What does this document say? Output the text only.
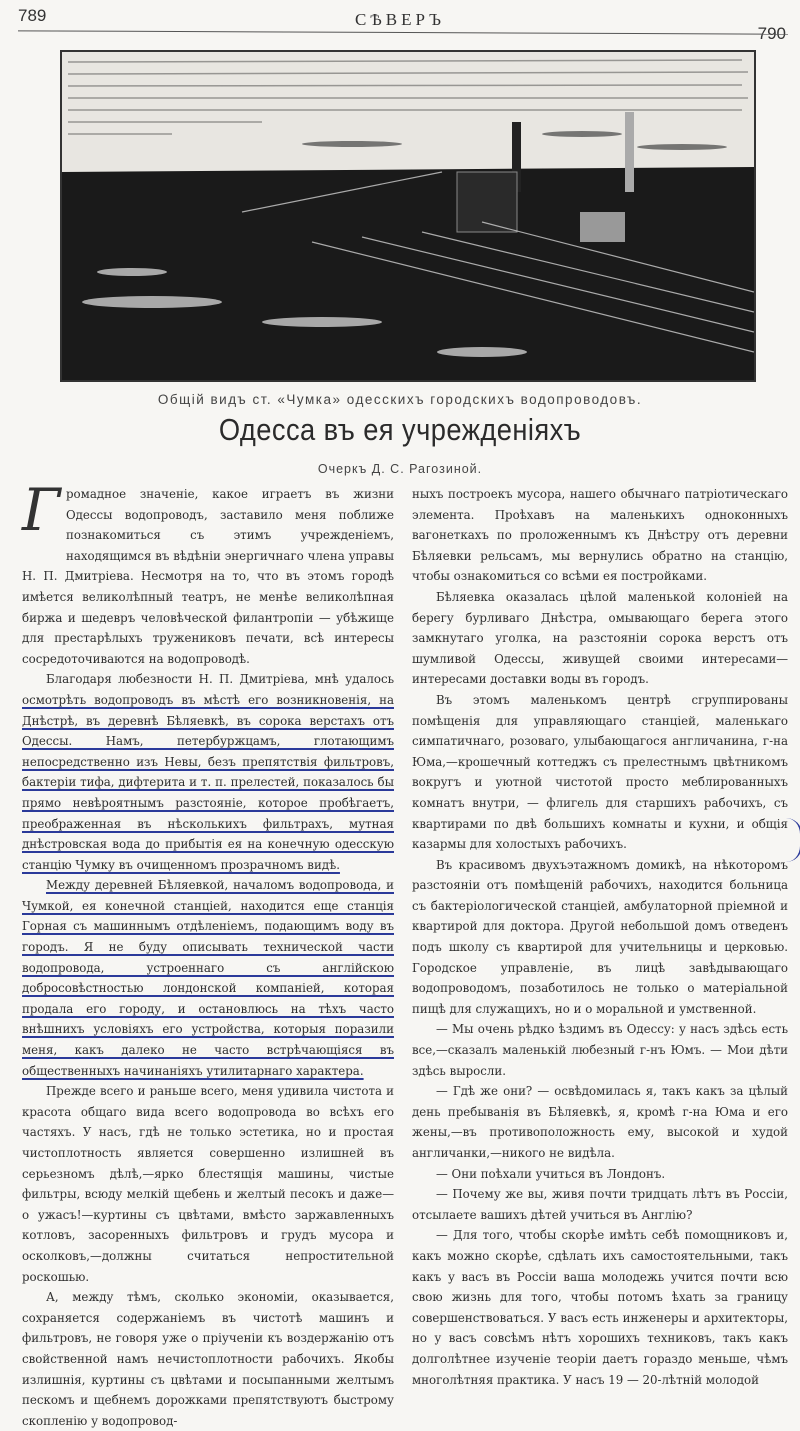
789	СѢВЕРЪ
790
Общiй видъ ст. «Чумка» одесскихъ городскихъ водопроводовъ.
Одесса въ ея учрежденiяхъ
Очеркъ Д. С. Рагозиной.

Г ромадное значенiе, какое играетъ въ жизни Одессы водопроводъ, заставило меня поближе познакомиться съ этимъ учрежденiемъ, находящимся въ вѣдѣнiи энергичнаго члена управы Н. П. Дмитрiева. Несмотря на то, что въ этомъ городѣ имѣется великолѣпный театръ, не менѣе великолѣпная биржа и шедевръ человѣческой филантропiи — убѣжище для престарѣлыхъ тружениковъ печати, всѣ интересы сосредоточиваются на водопроводѣ.

Благодаря любезности Н. П. Дмитрiева, мнѣ удалось осмотрѣть водопроводъ въ мѣстѣ его возникновенiя, на Днѣстрѣ, въ деревнѣ Бѣляевкѣ, въ сорока верстахъ отъ Одессы. Намъ, петербуржцамъ, глотающимъ непосредственно изъ Невы, безъ препятствiя фильтровъ, бактерiи тифа, дифтерита и т. п. прелестей, показалось бы прямо невѣроятнымъ разстоянiе, которое пробѣгаетъ, преображенная въ нѣсколькихъ фильтрахъ, мутная днѣстровская вода до прибытiя ея на конечную одесскую станцiю Чумку въ очищенномъ прозрачномъ видѣ.

Между деревней Бѣляевкой, началомъ водопровода, и Чумкой, ея конечной станцiей, находится еще станцiя Горная съ машиннымъ отдѣленiемъ, подающимъ воду въ городъ. Я не буду описывать технической части водопровода, устроеннаго съ англiйскою добросовѣстностью лондонской компанiей, которая продала его городу, и остановлюсь на тѣхъ часто внѣшнихъ условiяхъ его устройства, которыя поразили меня, какъ далеко не часто встрѣчающiяся въ общественныхъ начинанiяхъ утилитарнаго характера.

Прежде всего и раньше всего, меня удивила чистота и красота общаго вида всего водопровода во всѣхъ его частяхъ. У насъ, гдѣ не только эстетика, но и простая чистоплотность является совершенно излишней въ серьезномъ дѣлѣ,—ярко блестящiя машины, чистые фильтры, всюду мелкiй щебень и желтый песокъ и даже—о ужасъ!—куртины съ цвѣтами, вмѣсто заржавленныхъ котловъ, засоренныхъ фильтровъ и грудъ мусора и осколковъ,—должны считаться непростительной роскошью.

А, между тѣмъ, сколько экономiи, оказывается, сохраняется содержанiемъ въ чистотѣ машинъ и фильтровъ, не говоря уже о прiученiи къ воздержанiю отъ свойственной намъ нечистоплотности рабочихъ. Якобы излишнiя, куртины съ цвѣтами и посыпанными желтымъ пескомъ и щебнемъ дорожками препятствуютъ быстрому скопленiю у водопровод-

ныхъ построекъ мусора, нашего обычнаго патрiотическаго элемента. Проѣхавъ на маленькихъ одноконныхъ вагонеткахъ по проложеннымъ къ Днѣстру отъ деревни Бѣляевки рельсамъ, мы вернулись обратно на станцiю, чтобы ознакомиться со всѣми ея постройками.

Бѣляевка оказалась цѣлой маленькой колонiей на берегу бурливаго Днѣстра, омывающаго берега этого замкнутаго уголка, на разстоянiи сорока верстъ отъ шумливой Одессы, живущей своими интересами—интересами доставки воды въ городъ.

Въ этомъ маленькомъ центрѣ сгруппированы помѣщенiя для управляющаго станцiей, маленькаго симпатичнаго, розоваго, улыбающагося англичанина, г-на Юма,—крошечный коттеджъ съ прелестнымъ цвѣтникомъ вокругъ и уютной чистотой просто меблированныхъ комнатъ внутри, — флигель для старшихъ рабочихъ, съ квартирами по двѣ большихъ комнаты и кухни, и общiя казармы для холостыхъ рабочихъ.

Въ красивомъ двухъэтажномъ домикѣ, на нѣкоторомъ разстоянiи отъ помѣщенiй рабочихъ, находится больница съ бактерiологической станцiей, амбулаторной прiемной и квартирой для доктора. Другой небольшой домъ отведенъ подъ школу съ квартирой для учительницы и церковью. Городское управленiе, въ лицѣ завѣдывающаго водопроводомъ, позаботилось не только о матерiальной пищѣ для служащихъ, но и о моральной и умственной.

— Мы очень рѣдко ѣздимъ въ Одессу: у насъ здѣсь есть все,—сказалъ маленькiй любезный г-нъ Юмъ. — Мои дѣти здѣсь выросли.

— Гдѣ же они? — освѣдомилась я, такъ какъ за цѣлый день пребыванiя въ Бѣляевкѣ, я, кромѣ г-на Юма и его жены,—въ противоположность ему, высокой и худой англичанки,—никого не видѣла.

— Они поѣхали учиться въ Лондонъ.

— Почему же вы, живя почти тридцать лѣтъ въ Россiи, отсылаете вашихъ дѣтей учиться въ Англiю?

— Для того, чтобы скорѣе имѣть себѣ помощниковъ и, какъ можно скорѣе, сдѣлать ихъ самостоятельными, такъ какъ у васъ въ Россiи ваша молодежь учится почти всю свою жизнь для того, чтобы потомъ ѣхать за границу совершенствоваться. У васъ есть инженеры и архитекторы, но у васъ совсѣмъ нѣтъ хорошихъ техниковъ, такъ какъ долголѣтнее изученiе теорiи даетъ гораздо меньше, чѣмъ многолѣтняя практика. У насъ 19 — 20-лѣтнiй молодой
